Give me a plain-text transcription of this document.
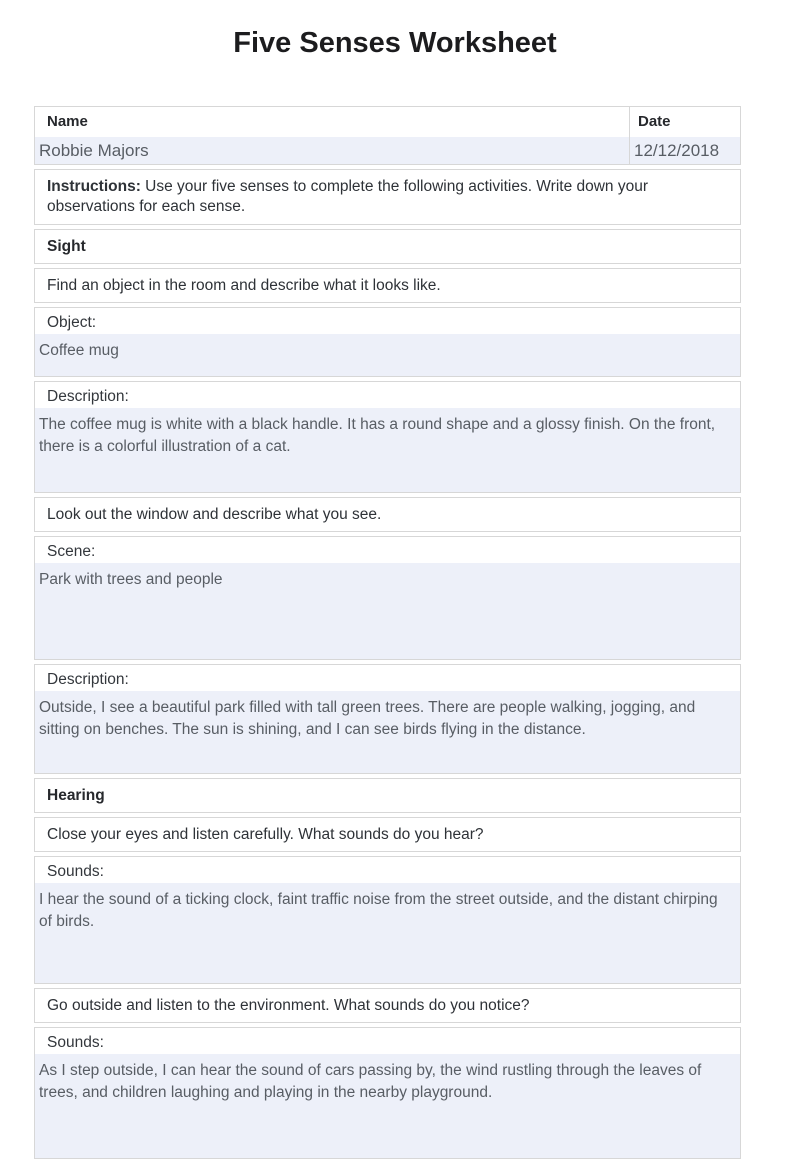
Five Senses Worksheet
Name	Date
Robbie Majors	12/12/2018
Instructions: Use your five senses to complete the following activities. Write down your observations for each sense.
Sight
Find an object in the room and describe what it looks like.
Object:
Coffee mug
Description:
The coffee mug is white with a black handle. It has a round shape and a glossy finish. On the front, there is a colorful illustration of a cat.
Look out the window and describe what you see.
Scene:
Park with trees and people
Description:
Outside, I see a beautiful park filled with tall green trees. There are people walking, jogging, and sitting on benches. The sun is shining, and I can see birds flying in the distance.
Hearing
Close your eyes and listen carefully. What sounds do you hear?
Sounds:
I hear the sound of a ticking clock, faint traffic noise from the street outside, and the distant chirping of birds.
Go outside and listen to the environment. What sounds do you notice?
Sounds:
As I step outside, I can hear the sound of cars passing by, the wind rustling through the leaves of trees, and children laughing and playing in the nearby playground.
